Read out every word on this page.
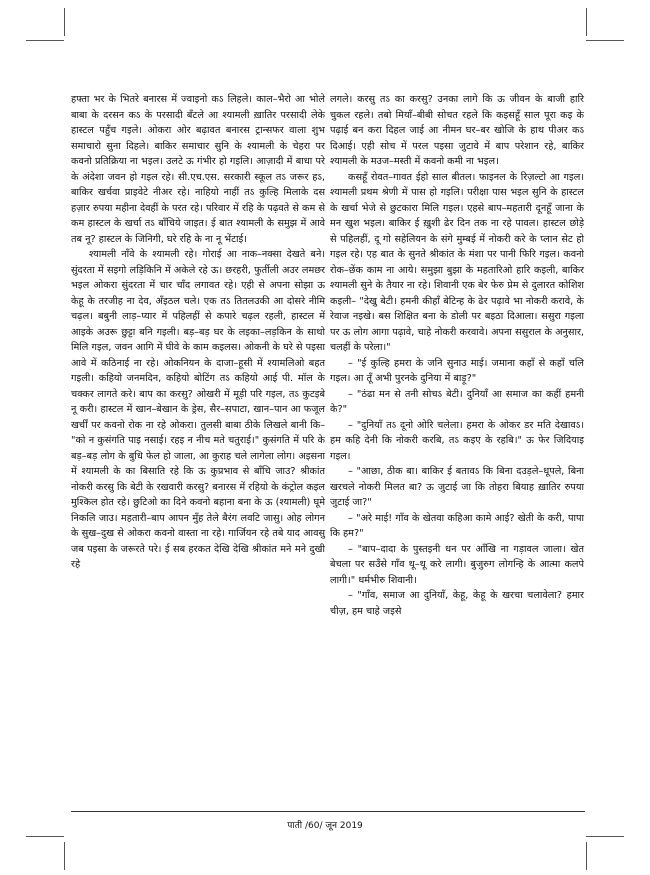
हफ्ता भर के भितरे बनारस में ज्वाइनो कऽ लिहले। काल–भैरो आ भोले बाबा के दरसन कऽ के परसादी बँटले आ श्यामली ख़ातिर परसादी लेके हास्टल पहुँच गइले। ओकरा ओर बढ़ावत बनारस ट्रान्सफर वाला शुभ समाचारो सुना दिहले। बाकिर समाचार सुनि के श्यामली के चेहरा पर कवनो प्रतिक्रिया ना भइल। उलटे ऊ गंभीर हो गइलि। आज़ादी में बाधा परे के अंदेशा जवन हो गइल रहे। सी.एच.एस. सरकारी स्कूल तऽ जरूर हऽ, बाकिर खर्चवा प्राइवेटे नीअर रहे। नाहियो नाहीं तऽ कुल्हि मिलाके दस हज़ार रुपया महीना देवहीं के परत रहे। परिवार में रहि के पढ़वते से कम से कम हास्टल के खर्चा तऽ बाँचिये जाइत। ई बात श्यामली के समुझ में आवे तब नू? हास्टल के जिनिगी, घरे रहि के ना नू भेंटाई।

श्यामली नाँवे के श्यामली रहे। गोराई आ नाक–नक्सा देखते बने। सुंदरता में सइगो लड़िकिनि में अकेले रहे ऊ। छरहरी, फुर्तीली अउर लमछर भइल ओकरा सुंदरता में चार चाँद लगावत रहे। एही से अपना सोझा ऊ केहू के तरजीह ना देव, अँइठल चले। एक तऽ तितलउकी आ दोसरे नीमि चढ़ल। बबुनी लाड़–प्यार में पहिलहीं से कपारे चढ़ल रहली, हास्टल में आइके अउरू छुट्टा बनि गइली। बड़–बड़ घर के लइका–लड़किन के साथो मिलि गइल, जवन आगि में घीवे के काम कइलस। ओकनी के घरे से पइसा आवे में कठिनाई ना रहे। ओकनियन के दाजा–हूसी में श्यामलिओ बहत गइली। कहियो जनमदिन, कहियो बोटिंग तऽ कहियो आई पी. मॉल के चक्कर लागते करे। बाप का करसु? ओखरी में मूड़ी परि गइल, तऽ कुटइबे नू करी। हास्टल में खान–बेखान के ड्रेस, सैर–सपाटा, खान–पान आ फजूल खर्चीं पर कवनो रोक ना रहे ओकरा। तुलसी बाबा ठीके लिखले बानी कि– "को न कुसंगति पाइ नसाई। रहइ न नीच मते चतुराई।" कुसंगति में परि के बड़–बड़ लोग के बुधि फेल हो जाला, आ कुराह चले लागेला लोग। अइसना में श्यामली के का बिसाति रहे कि ऊ कुप्रभाव से बाँचि जाउ? श्रीकांत नोकरी करसु कि बेटी के रखवारी करसु? बनारस में रहियो के कंट्रोल कइल मुश्किल होत रहे। छुटिओ का दिने कवनो बहाना बना के ऊ (श्यामली) घूमे निकलि जाउ। महतारी–बाप आपन मुँह तेले बैरंग लवटि जासु। ओह लोगन के सुख–दुख से ओकरा कवनो वास्ता ना रहे। गार्जियन रहे तबे याद आवसु जब पइसा के जरूरते परे। ई सब हरकत देखि देखि श्रीकांत मने मने दुखी रहे

लगले। करसु तऽ का करसु? उनका लागे कि ऊ जीवन के बाजी हारि चुकल रहले। तबो मियाँ–बीबी सोचत रहले कि कइसहूँ साल पूरा कइ के पढ़ाई बन करा दिहल जाई आ नीमन घर–बर खोजि के हाथ पीअर कऽ दिआई। एही सोच में परल पइसा जुटावे में बाप परेशान रहे, बाकिर श्यामली के मउज–मस्ती में कवनो कमी ना भइल।

कसहूँ रोवत–गावत ईहो साल बीतल। फाइनल के रिज़ल्टो आ गइल। श्यामली प्रथम श्रेणी में पास हो गइलि। परीक्षा पास भइल सुनि के हास्टल के खर्चा भेजे से छुटकारा मिलि गइल। एहसे बाप–महतारी दूनहूँ जाना के मन खुश भइल। बाकिर ई ख़ुशी ढेर दिन तक ना रहे पावल। हास्टल छोड़े से पहिलहीं, दू गो सहेलियन के संगे मुम्बई में नोकरी करे के प्लान सेट हो गइल रहे। एह बात के सुनते श्रीकांत के मंशा पर पानी फिरि गइल। कवनो रोक–छेंक काम ना आये। समुझा बुझा के महतारिओ हारि कइली, बाकिर श्यामली सुने के तैयार ना रहे। शिवानी एक बेर फेरु प्रेम से दुलारत कोशिश कइली– "देखु बेटी। हमनी कीहाँ बेटिन्ह के ढेर पढ़ावे भा नोकरी करावे, के रेवाज नइखे। बस शिक्षित बना के डोली पर बइठा दिआला। ससुरा गइला पर ऊ लोग आगा पढ़ावे, चाहे नोकरी करवावे। अपना ससुराल के अनुसार, चलहीं के परेला।"

– "ई कुल्हि हमरा के जनि सुनाउ माई। जमाना कहाँ से कहाँ चलि गइल। आ तूँ अभी पुरनके दुनिया में बाड़ू?"

– "ठंढा मन से तनी सोचऽ बेटी। दुनियाँ आ समाज का कहीं हमनी के?"

– "दुनियाँ तऽ दूनो ओरि चलेला। हमरा के ओकर डर मति देखावऽ। हम कहि देनी कि नोकरी करबि, तऽ कइए के रहबि।" ऊ फेर जिदियाइ गइल।

– "आछा, ठीक बा। बाकिर ई बतावऽ कि बिना दउड़ले–धूपले, बिना खरचले नोकरी मिलत बा? ऊ जुटाई जा कि तोहरा बियाह ख़ातिर रुपया जुटाई जा?"

– "अरे माई! गाँव के खेतवा कहिआ कामे आई? खेती के करी, पापा कि हम?"

– "बाप–दादा के पुस्तइनी धन पर आँखि ना गड़ावल जाला। खेत बेचला पर सउँसे गाँव थू–थू करे लागी। बुजुरुग लोगन्हि के आत्मा कलपे लागी।" धर्मभीरु शिवानी।

– "गाँव, समाज आ दुनियाँ, केहू, केहू के खरचा चलावेला? हमार चीज़, हम चाहे जइसे

पाती /60/ जून 2019
